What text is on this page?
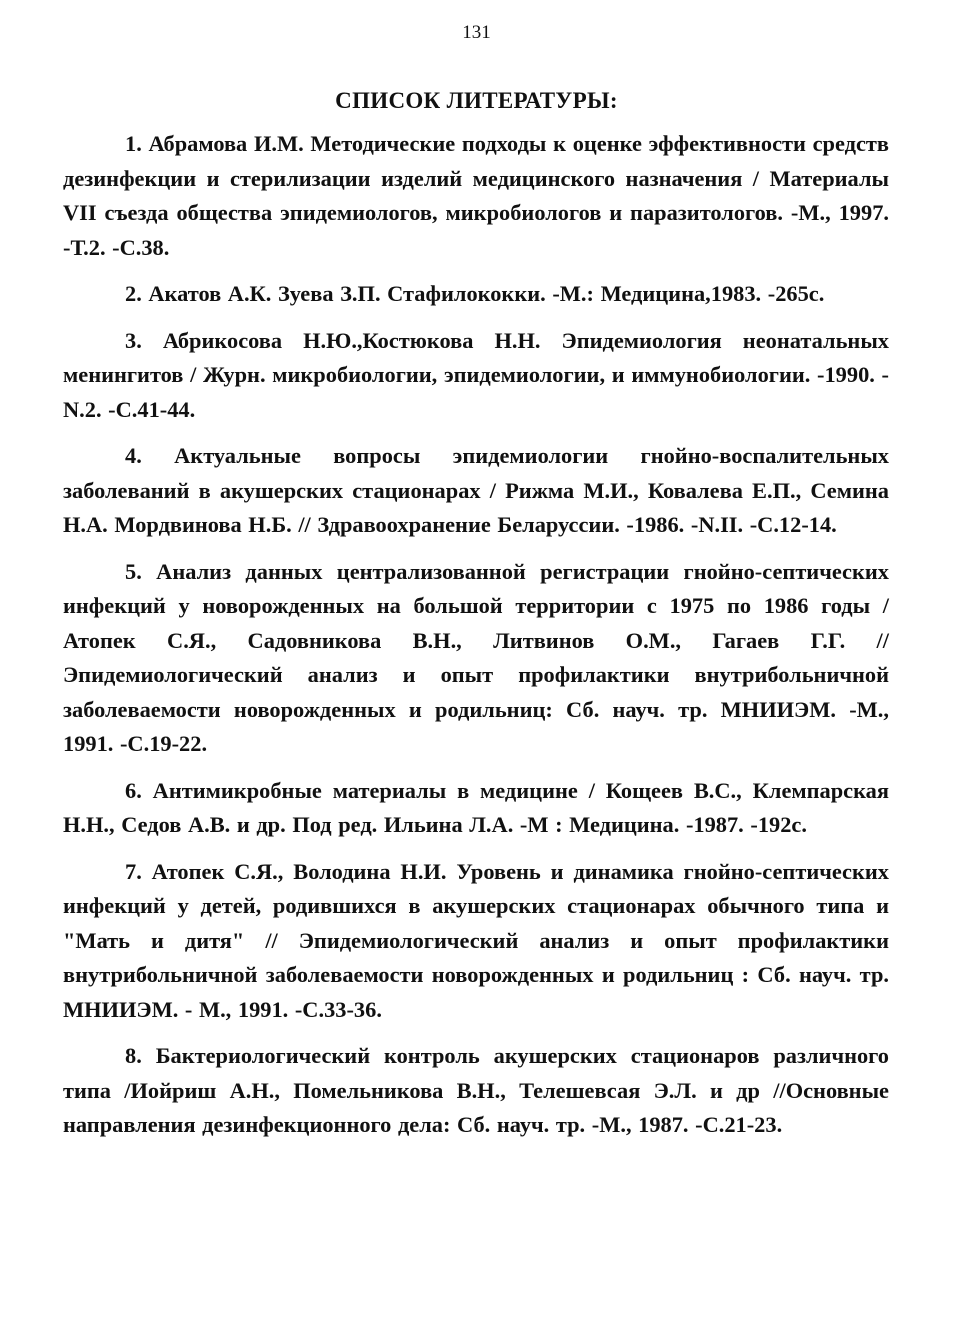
131
СПИСОК ЛИТЕРАТУРЫ:
1. Абрамова И.М. Методические подходы к оценке эффективности средств дезинфекции и стерилизации изделий медицинского назначения / Материалы VII съезда общества эпидемиологов, микробиологов и паразитологов. -М., 1997. -Т.2. -С.38.
2. Акатов А.К. Зуева З.П. Стафилококки. -М.: Медицина,1983. -265с.
3. Абрикосова Н.Ю.,Костюкова Н.Н. Эпидемиология неонатальных менингитов / Журн. микробиологии, эпидемиологии, и иммунобиологии. -1990. -N.2. -С.41-44.
4. Актуальные вопросы эпидемиологии гнойно-воспалительных заболеваний в акушерских стационарах / Рижма М.И., Ковалева Е.П., Семина Н.А. Мордвинова Н.Б. // Здравоохранение Беларуссии. -1986. -N.II. -С.12-14.
5. Анализ данных централизованной регистрации гнойно-септических инфекций у новорожденных на большой территории с 1975 по 1986 годы / Атопек С.Я., Садовникова В.Н., Литвинов О.М., Гагаев Г.Г. // Эпидемиологический анализ и опыт профилактики внутрибольничной заболеваемости новорожденных и родильниц: Сб. науч. тр. МНИИЭМ. -М., 1991. -С.19-22.
6. Антимикробные материалы в медицине / Кощеев В.С., Клемпарская Н.Н., Седов А.В. и др. Под ред. Ильина Л.А. -М : Медицина. -1987. -192с.
7. Атопек С.Я., Володина Н.И. Уровень и динамика гнойно-септических инфекций у детей, родившихся в акушерских стационарах обычного типа и "Мать и дитя" // Эпидемиологический анализ и опыт профилактики внутрибольничной заболеваемости новорожденных и родильниц : Сб. науч. тр. МНИИЭМ. - М., 1991. -С.33-36.
8. Бактериологический контроль акушерских стационаров различного типа /Иойриш А.Н., Помельникова В.Н., Телешевсая Э.Л. и др //Основные направления дезинфекционного дела: Сб. науч. тр. -М., 1987. -С.21-23.
